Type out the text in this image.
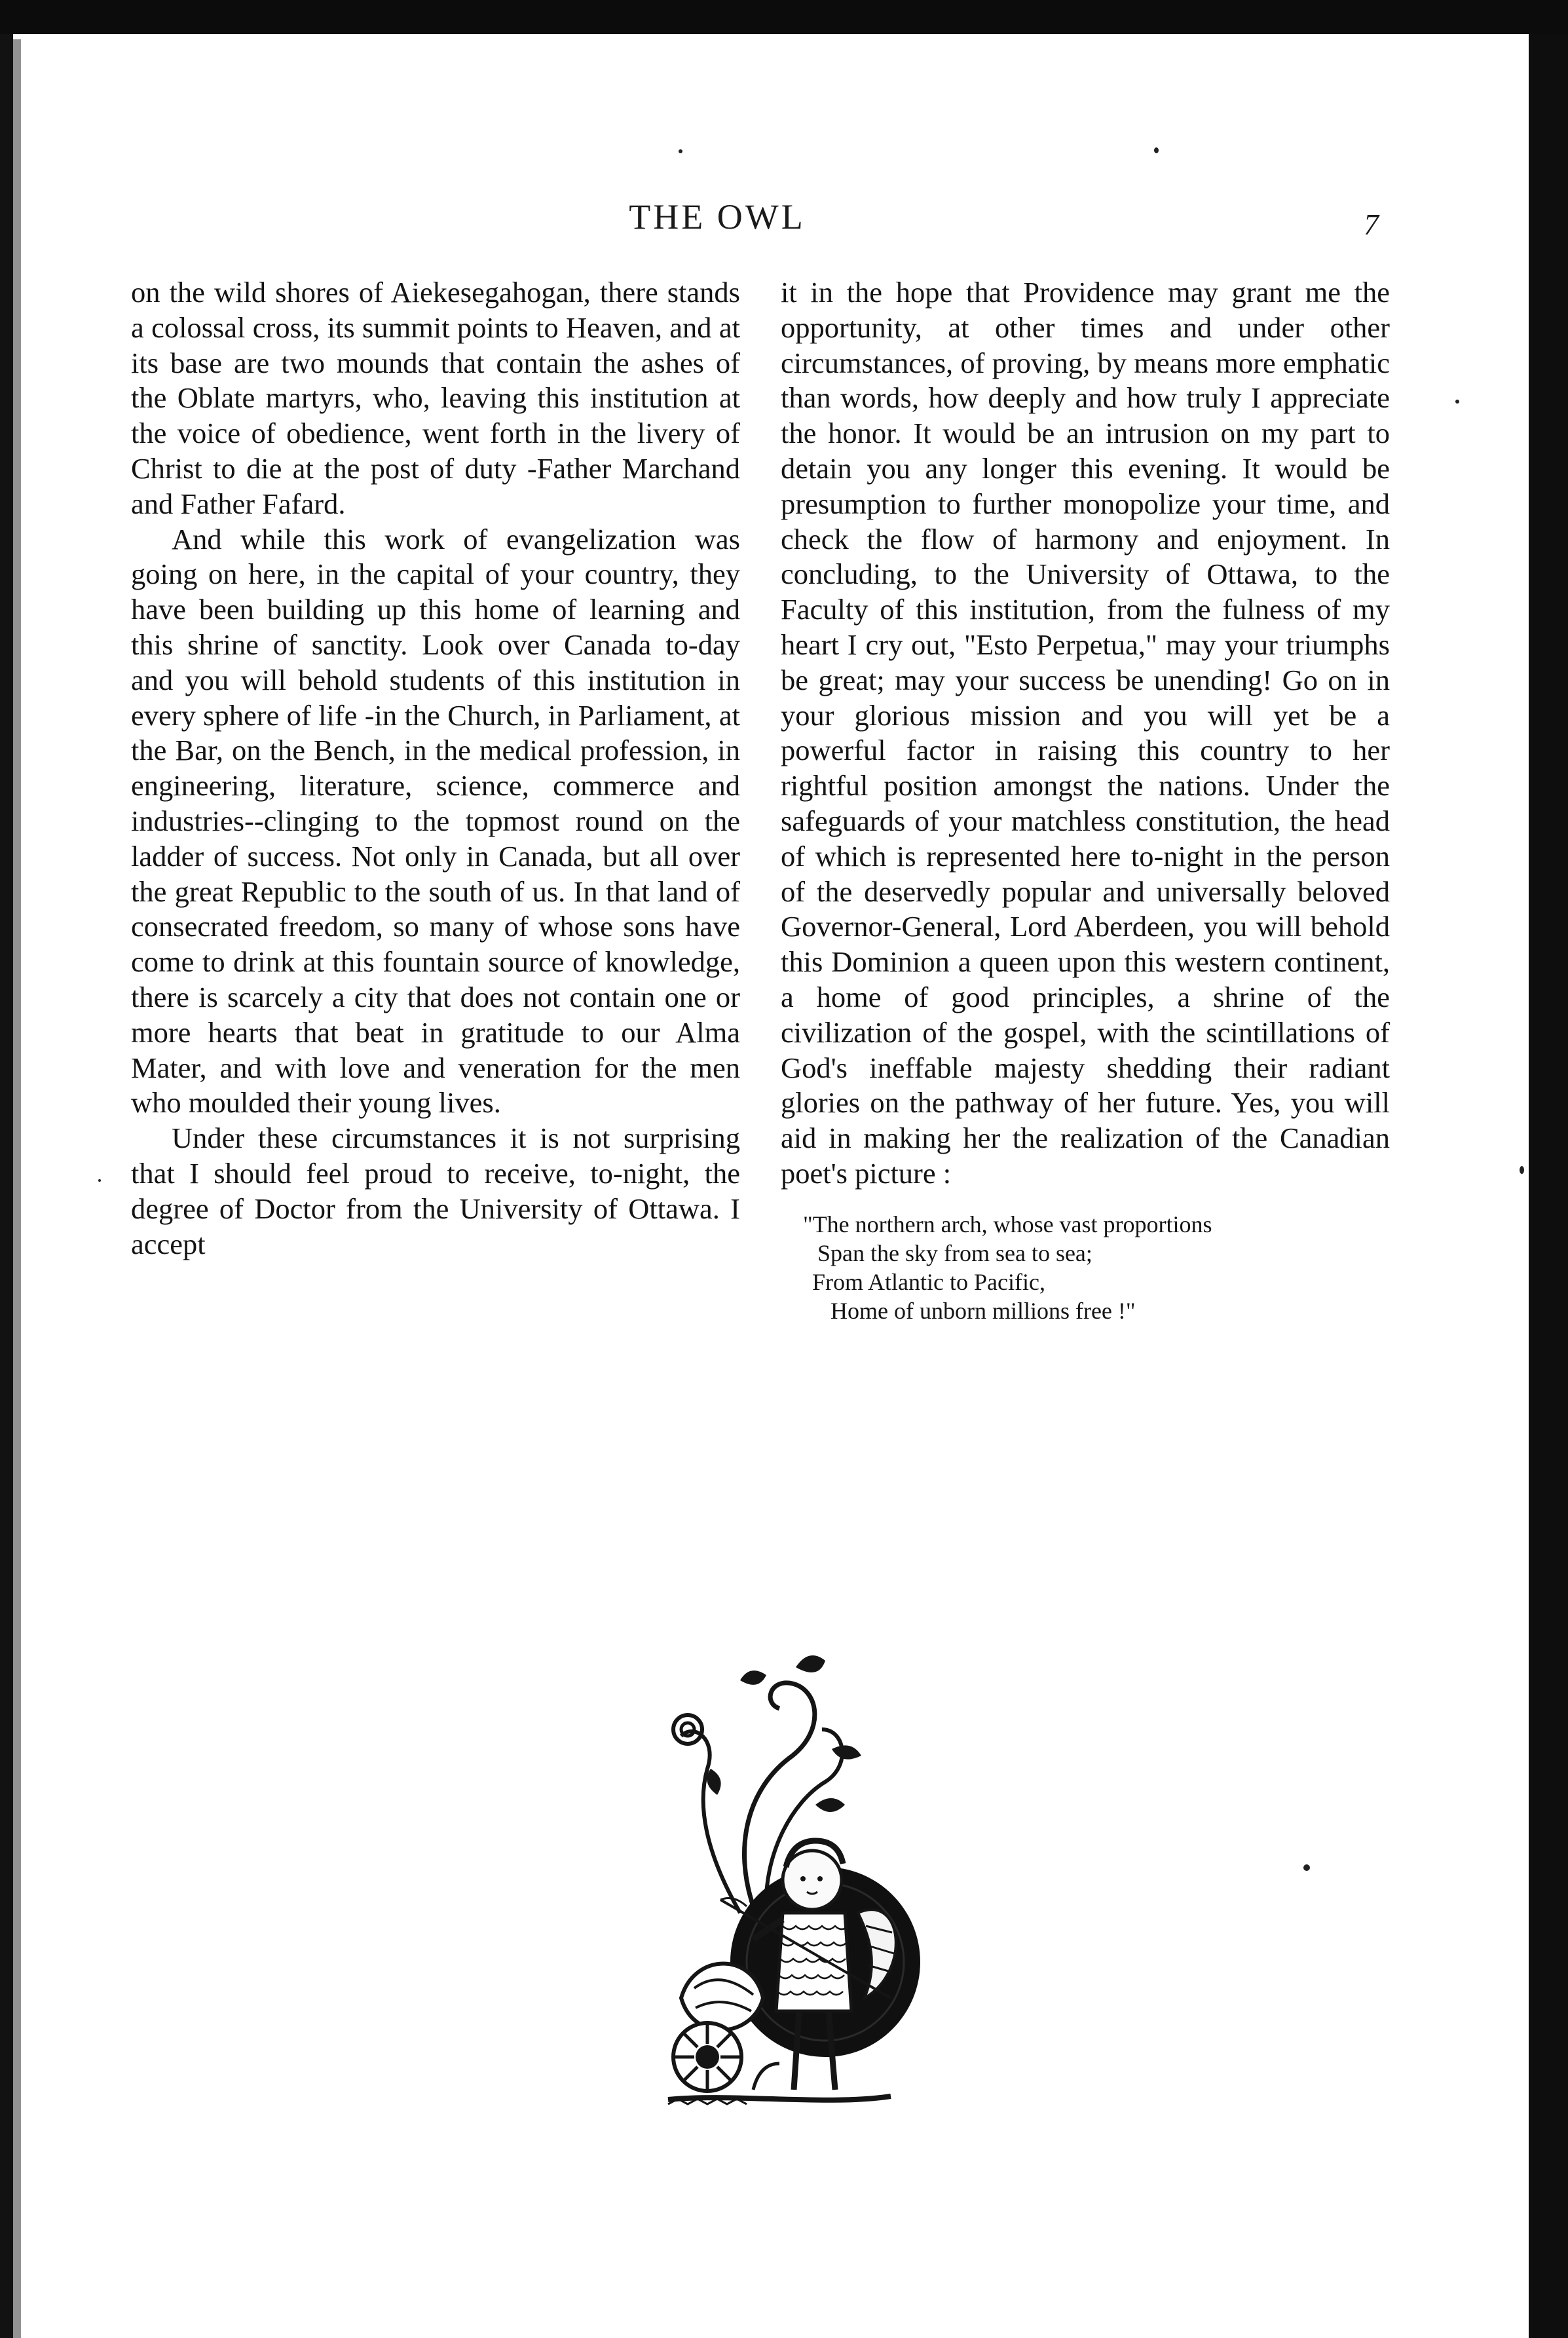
THE OWL	7

on the wild shores of Aiekesegahogan, there stands a colossal cross, its summit points to Heaven, and at its base are two mounds that contain the ashes of the Oblate martyrs, who, leaving this institution at the voice of obedience, went forth in the livery of Christ to die at the post of duty -Father Marchand and Father Fafard.

And while this work of evangelization was going on here, in the capital of your country, they have been building up this home of learning and this shrine of sanctity. Look over Canada to-day and you will behold students of this institution in every sphere of life -in the Church, in Parliament, at the Bar, on the Bench, in the medical profession, in engineering, literature, science, commerce and industries--clinging to the topmost round on the ladder of success. Not only in Canada, but all over the great Republic to the south of us. In that land of consecrated freedom, so many of whose sons have come to drink at this fountain source of knowledge, there is scarcely a city that does not contain one or more hearts that beat in gratitude to our Alma Mater, and with love and veneration for the men who moulded their young lives.

Under these circumstances it is not surprising that I should feel proud to receive, to-night, the degree of Doctor from the University of Ottawa. I accept

it in the hope that Providence may grant me the opportunity, at other times and under other circumstances, of proving, by means more emphatic than words, how deeply and how truly I appreciate the honor. It would be an intrusion on my part to detain you any longer this evening. It would be presumption to further monopolize your time, and check the flow of harmony and enjoyment. In concluding, to the University of Ottawa, to the Faculty of this institution, from the fulness of my heart I cry out, "Esto Perpetua," may your triumphs be great; may your success be unending! Go on in your glorious mission and you will yet be a powerful factor in raising this country to her rightful position amongst the nations. Under the safeguards of your matchless constitution, the head of which is represented here to-night in the person of the deservedly popular and universally beloved Governor-General, Lord Aberdeen, you will behold this Dominion a queen upon this western continent, a home of good principles, a shrine of the civilization of the gospel, with the scintillations of God's ineffable majesty shedding their radiant glories on the pathway of her future. Yes, you will aid in making her the realization of the Canadian poet's picture :

"The northern arch, whose vast proportions
Span the sky from sea to sea;
From Atlantic to Pacific,
Home of unborn millions free !"
